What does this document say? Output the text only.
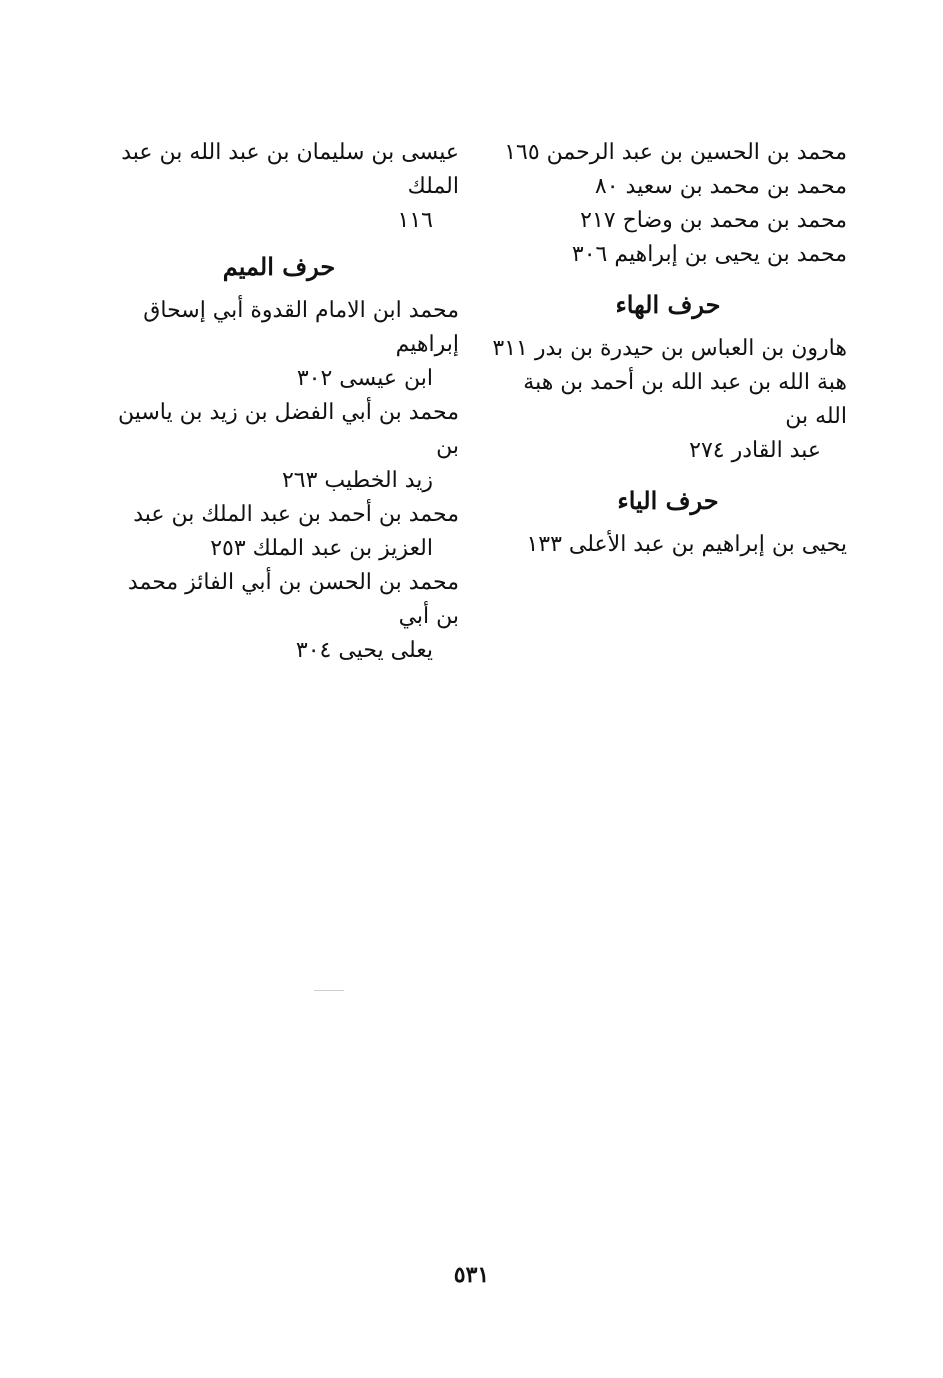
عيسى بن سليمان بن عبد الله بن عبد الملك
١١٦

حرف الميم

محمد ابن الامام القدوة أبي إسحاق إبراهيم
ابن عيسى ٣٠٢

محمد بن أبي الفضل بن زيد بن ياسين بن
زيد الخطيب ٢٦٣

محمد بن أحمد بن عبد الملك بن عبد
العزيز بن عبد الملك ٢٥٣

محمد بن الحسن بن أبي الفائز محمد بن أبي
يعلى يحيى ٣٠٤

محمد بن الحسين بن عبد الرحمن ١٦٥

محمد بن محمد بن سعيد ٨٠

محمد بن محمد بن وضاح ٢١٧

محمد بن يحيى بن إبراهيم ٣٠٦

حرف الهاء

هارون بن العباس بن حيدرة بن بدر ٣١١

هبة الله بن عبد الله بن أحمد بن هبة الله بن
عبد القادر ٢٧٤

حرف الياء

يحيى بن إبراهيم بن عبد الأعلى ١٣٣

٥٣١
